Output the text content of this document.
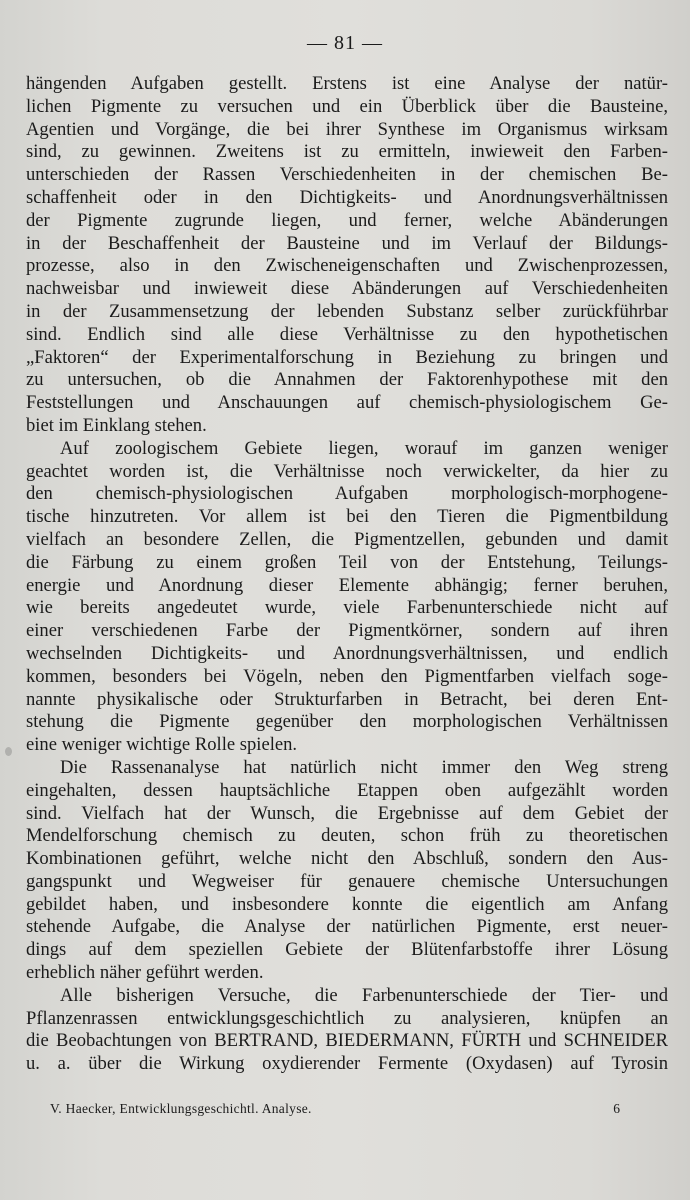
— 81 —
hängenden Aufgaben gestellt. Erstens ist eine Analyse der natür-
lichen Pigmente zu versuchen und ein Überblick über die Bausteine,
Agentien und Vorgänge, die bei ihrer Synthese im Organismus wirksam
sind, zu gewinnen. Zweitens ist zu ermitteln, inwieweit den Farben-
unterschieden der Rassen Verschiedenheiten in der chemischen Be-
schaffenheit oder in den Dichtigkeits- und Anordnungsverhältnissen
der Pigmente zugrunde liegen, und ferner, welche Abänderungen
in der Beschaffenheit der Bausteine und im Verlauf der Bildungs-
prozesse, also in den Zwischeneigenschaften und Zwischenprozessen,
nachweisbar und inwieweit diese Abänderungen auf Verschiedenheiten
in der Zusammensetzung der lebenden Substanz selber zurückführbar
sind. Endlich sind alle diese Verhältnisse zu den hypothetischen
„Faktoren“ der Experimentalforschung in Beziehung zu bringen und
zu untersuchen, ob die Annahmen der Faktorenhypothese mit den
Feststellungen und Anschauungen auf chemisch-physiologischem Ge-
biet im Einklang stehen.
Auf zoologischem Gebiete liegen, worauf im ganzen weniger
geachtet worden ist, die Verhältnisse noch verwickelter, da hier zu
den chemisch-physiologischen Aufgaben morphologisch-morphogene-
tische hinzutreten. Vor allem ist bei den Tieren die Pigmentbildung
vielfach an besondere Zellen, die Pigmentzellen, gebunden und damit
die Färbung zu einem großen Teil von der Entstehung, Teilungs-
energie und Anordnung dieser Elemente abhängig; ferner beruhen,
wie bereits angedeutet wurde, viele Farbenunterschiede nicht auf
einer verschiedenen Farbe der Pigmentkörner, sondern auf ihren
wechselnden Dichtigkeits- und Anordnungsverhältnissen, und endlich
kommen, besonders bei Vögeln, neben den Pigmentfarben vielfach soge-
nannte physikalische oder Strukturfarben in Betracht, bei deren Ent-
stehung die Pigmente gegenüber den morphologischen Verhältnissen
eine weniger wichtige Rolle spielen.
Die Rassenanalyse hat natürlich nicht immer den Weg streng
eingehalten, dessen hauptsächliche Etappen oben aufgezählt worden
sind. Vielfach hat der Wunsch, die Ergebnisse auf dem Gebiet der
Mendelforschung chemisch zu deuten, schon früh zu theoretischen
Kombinationen geführt, welche nicht den Abschluß, sondern den Aus-
gangspunkt und Wegweiser für genauere chemische Untersuchungen
gebildet haben, und insbesondere konnte die eigentlich am Anfang
stehende Aufgabe, die Analyse der natürlichen Pigmente, erst neuer-
dings auf dem speziellen Gebiete der Blütenfarbstoffe ihrer Lösung
erheblich näher geführt werden.
Alle bisherigen Versuche, die Farbenunterschiede der Tier- und
Pflanzenrassen entwicklungsgeschichtlich zu analysieren, knüpfen an
die Beobachtungen von BERTRAND, BIEDERMANN, FÜRTH und SCHNEIDER
u. a. über die Wirkung oxydierender Fermente (Oxydasen) auf Tyrosin
V. Haecker, Entwicklungsgeschichtl. Analyse.	6
